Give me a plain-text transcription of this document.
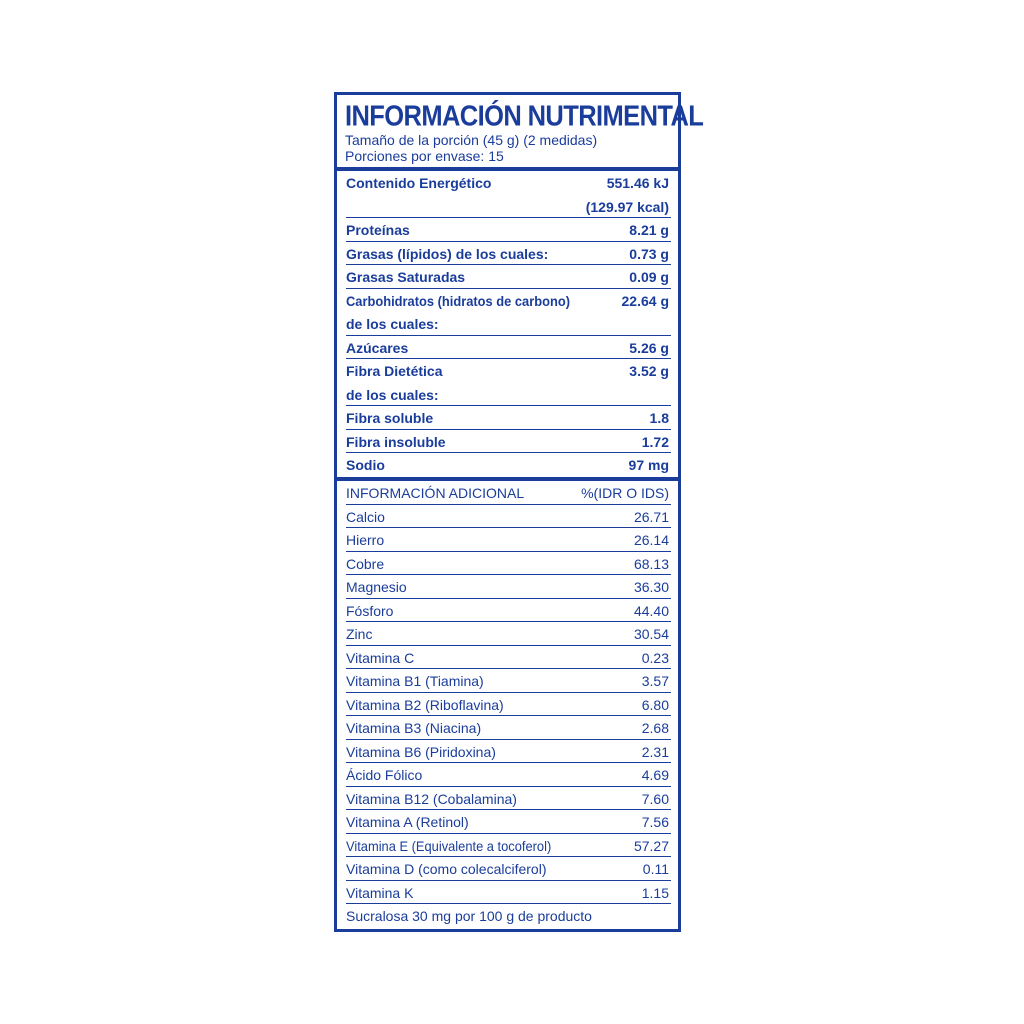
INFORMACIÓN NUTRIMENTAL
Tamaño de la porción (45 g) (2 medidas)
Porciones por envase: 15
Contenido Energético	551.46 kJ
(129.97 kcal)
Proteínas	8.21 g
Grasas (lípidos) de los cuales:	0.73 g
Grasas Saturadas	0.09 g
Carbohidratos (hidratos de carbono)	22.64 g
de los cuales:
Azúcares	5.26 g
Fibra Dietética	3.52 g
de los cuales:
Fibra soluble	1.8
Fibra insoluble	1.72
Sodio	97 mg
INFORMACIÓN ADICIONAL	%(IDR O IDS)
Calcio	26.71
Hierro	26.14
Cobre	68.13
Magnesio	36.30
Fósforo	44.40
Zinc	30.54
Vitamina C	0.23
Vitamina B1 (Tiamina)	3.57
Vitamina B2 (Riboflavina)	6.80
Vitamina B3 (Niacina)	2.68
Vitamina B6 (Piridoxina)	2.31
Ácido Fólico	4.69
Vitamina B12 (Cobalamina)	7.60
Vitamina A (Retinol)	7.56
Vitamina E (Equivalente a tocoferol)	57.27
Vitamina D (como colecalciferol)	0.11
Vitamina K	1.15
Sucralosa 30 mg por 100 g de producto
